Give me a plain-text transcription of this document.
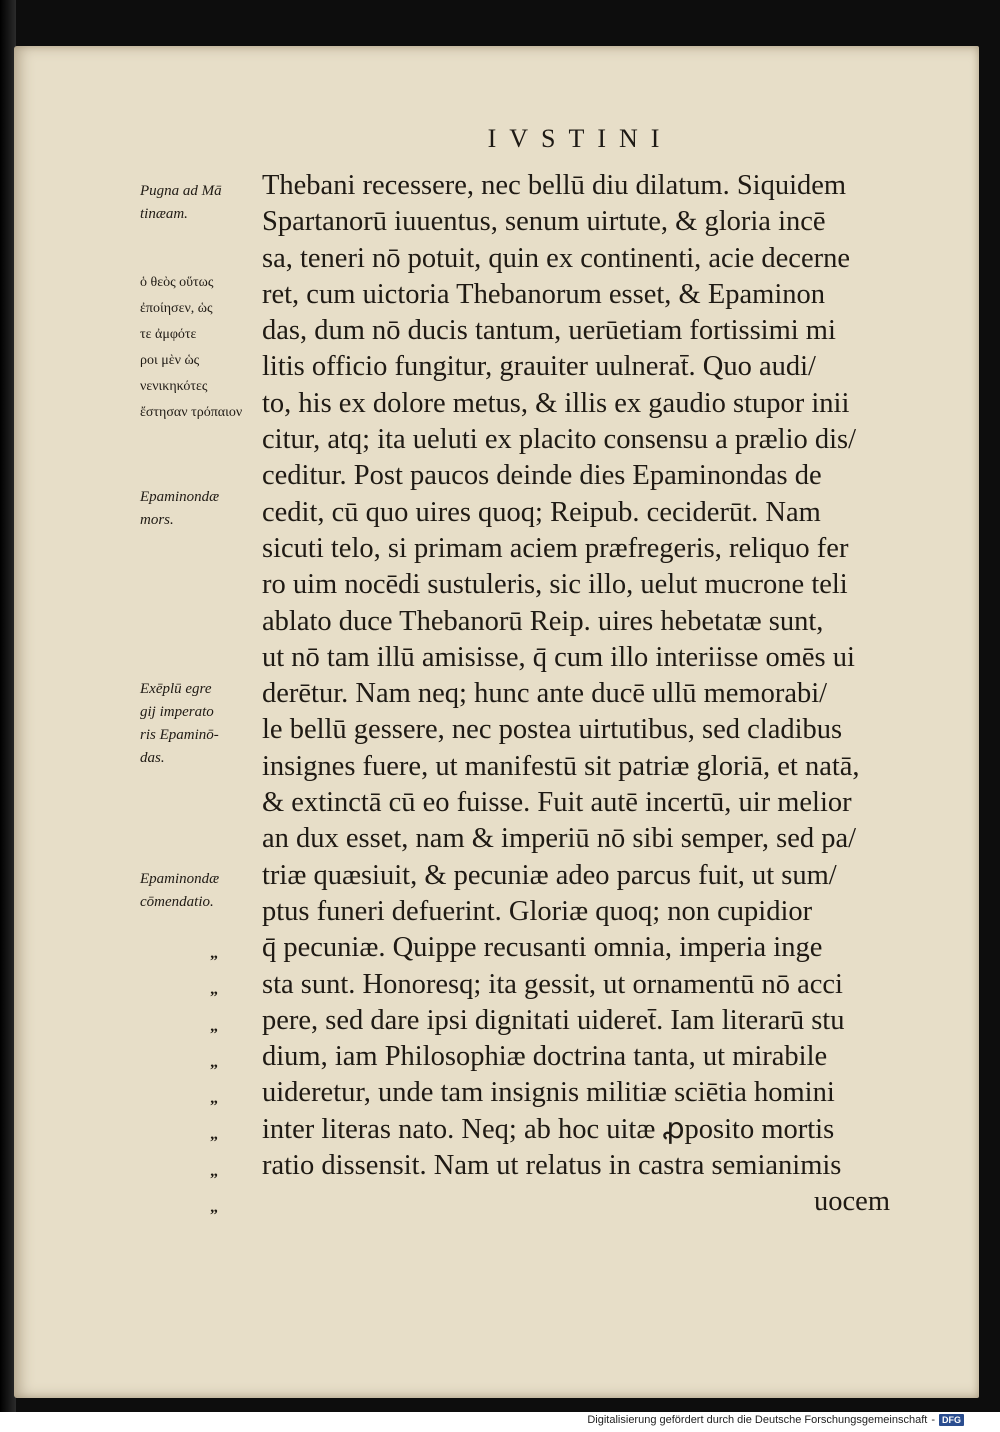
IVSTINI
Thebani recessere, nec bellū diu dilatum. Siquidem
Spartanorū iuuentus, senum uirtute, & gloria incē
sa, teneri nō potuit, quin ex continenti, acie decerne
ret, cum uictoria Thebanorum esset, & Epaminon
das, dum nō ducis tantum, uerūetiam fortissimi mi
litis officio fungitur, grauiter uulnerat̄. Quo audi/
to, his ex dolore metus, & illis ex gaudio stupor inii
citur, atq; ita ueluti ex placito consensu a prælio dis/
ceditur. Post paucos deinde dies Epaminondas de
cedit, cū quo uires quoq; Reipub. ceciderūt. Nam
sicuti telo, si primam aciem præfregeris, reliquo fer
ro uim nocēdi sustuleris, sic illo, uelut mucrone teli
ablato duce Thebanorū Reip. uires hebetatæ sunt,
ut nō tam illū amisisse, q̄ cum illo interiisse omēs ui
derētur. Nam neq; hunc ante ducē ullū memorabi/
le bellū gessere, nec postea uirtutibus, sed cladibus
insignes fuere, ut manifestū sit patriæ gloriā, et natā,
& extinctā cū eo fuisse. Fuit autē incertū, uir melior
an dux esset, nam & imperiū nō sibi semper, sed pa/
triæ quæsiuit, & pecuniæ adeo parcus fuit, ut sum/
ptus funeri defuerint. Gloriæ quoq; non cupidior
q̄ pecuniæ. Quippe recusanti omnia, imperia inge
sta sunt. Honoresq; ita gessit, ut ornamentū nō acci
pere, sed dare ipsi dignitati uideret̄. Iam literarū stu
dium, iam Philosophiæ doctrina tanta, ut mirabile
uideretur, unde tam insignis militiæ sciētia homini
inter literas nato. Neq; ab hoc uitæ ꝓposito mortis
ratio dissensit. Nam ut relatus in castra semianimis
uocem
Pugna ad Mā
tinæam.
ὁ θεὸς οὕτως
ἐποίησεν, ὡς
τε ἀμφότε
ροι μὲν ὡς
νενικηκότες
ἔστησαν τρόπαιον
Epaminondæ
mors.
Exēplū egre
gij imperato
ris Epaminō-
das.
Epaminondæ
cōmendatio.
„
„
„
„
„
„
„
„
Digitalisierung gefördert durch die Deutsche Forschungsgemeinschaft - DFG
